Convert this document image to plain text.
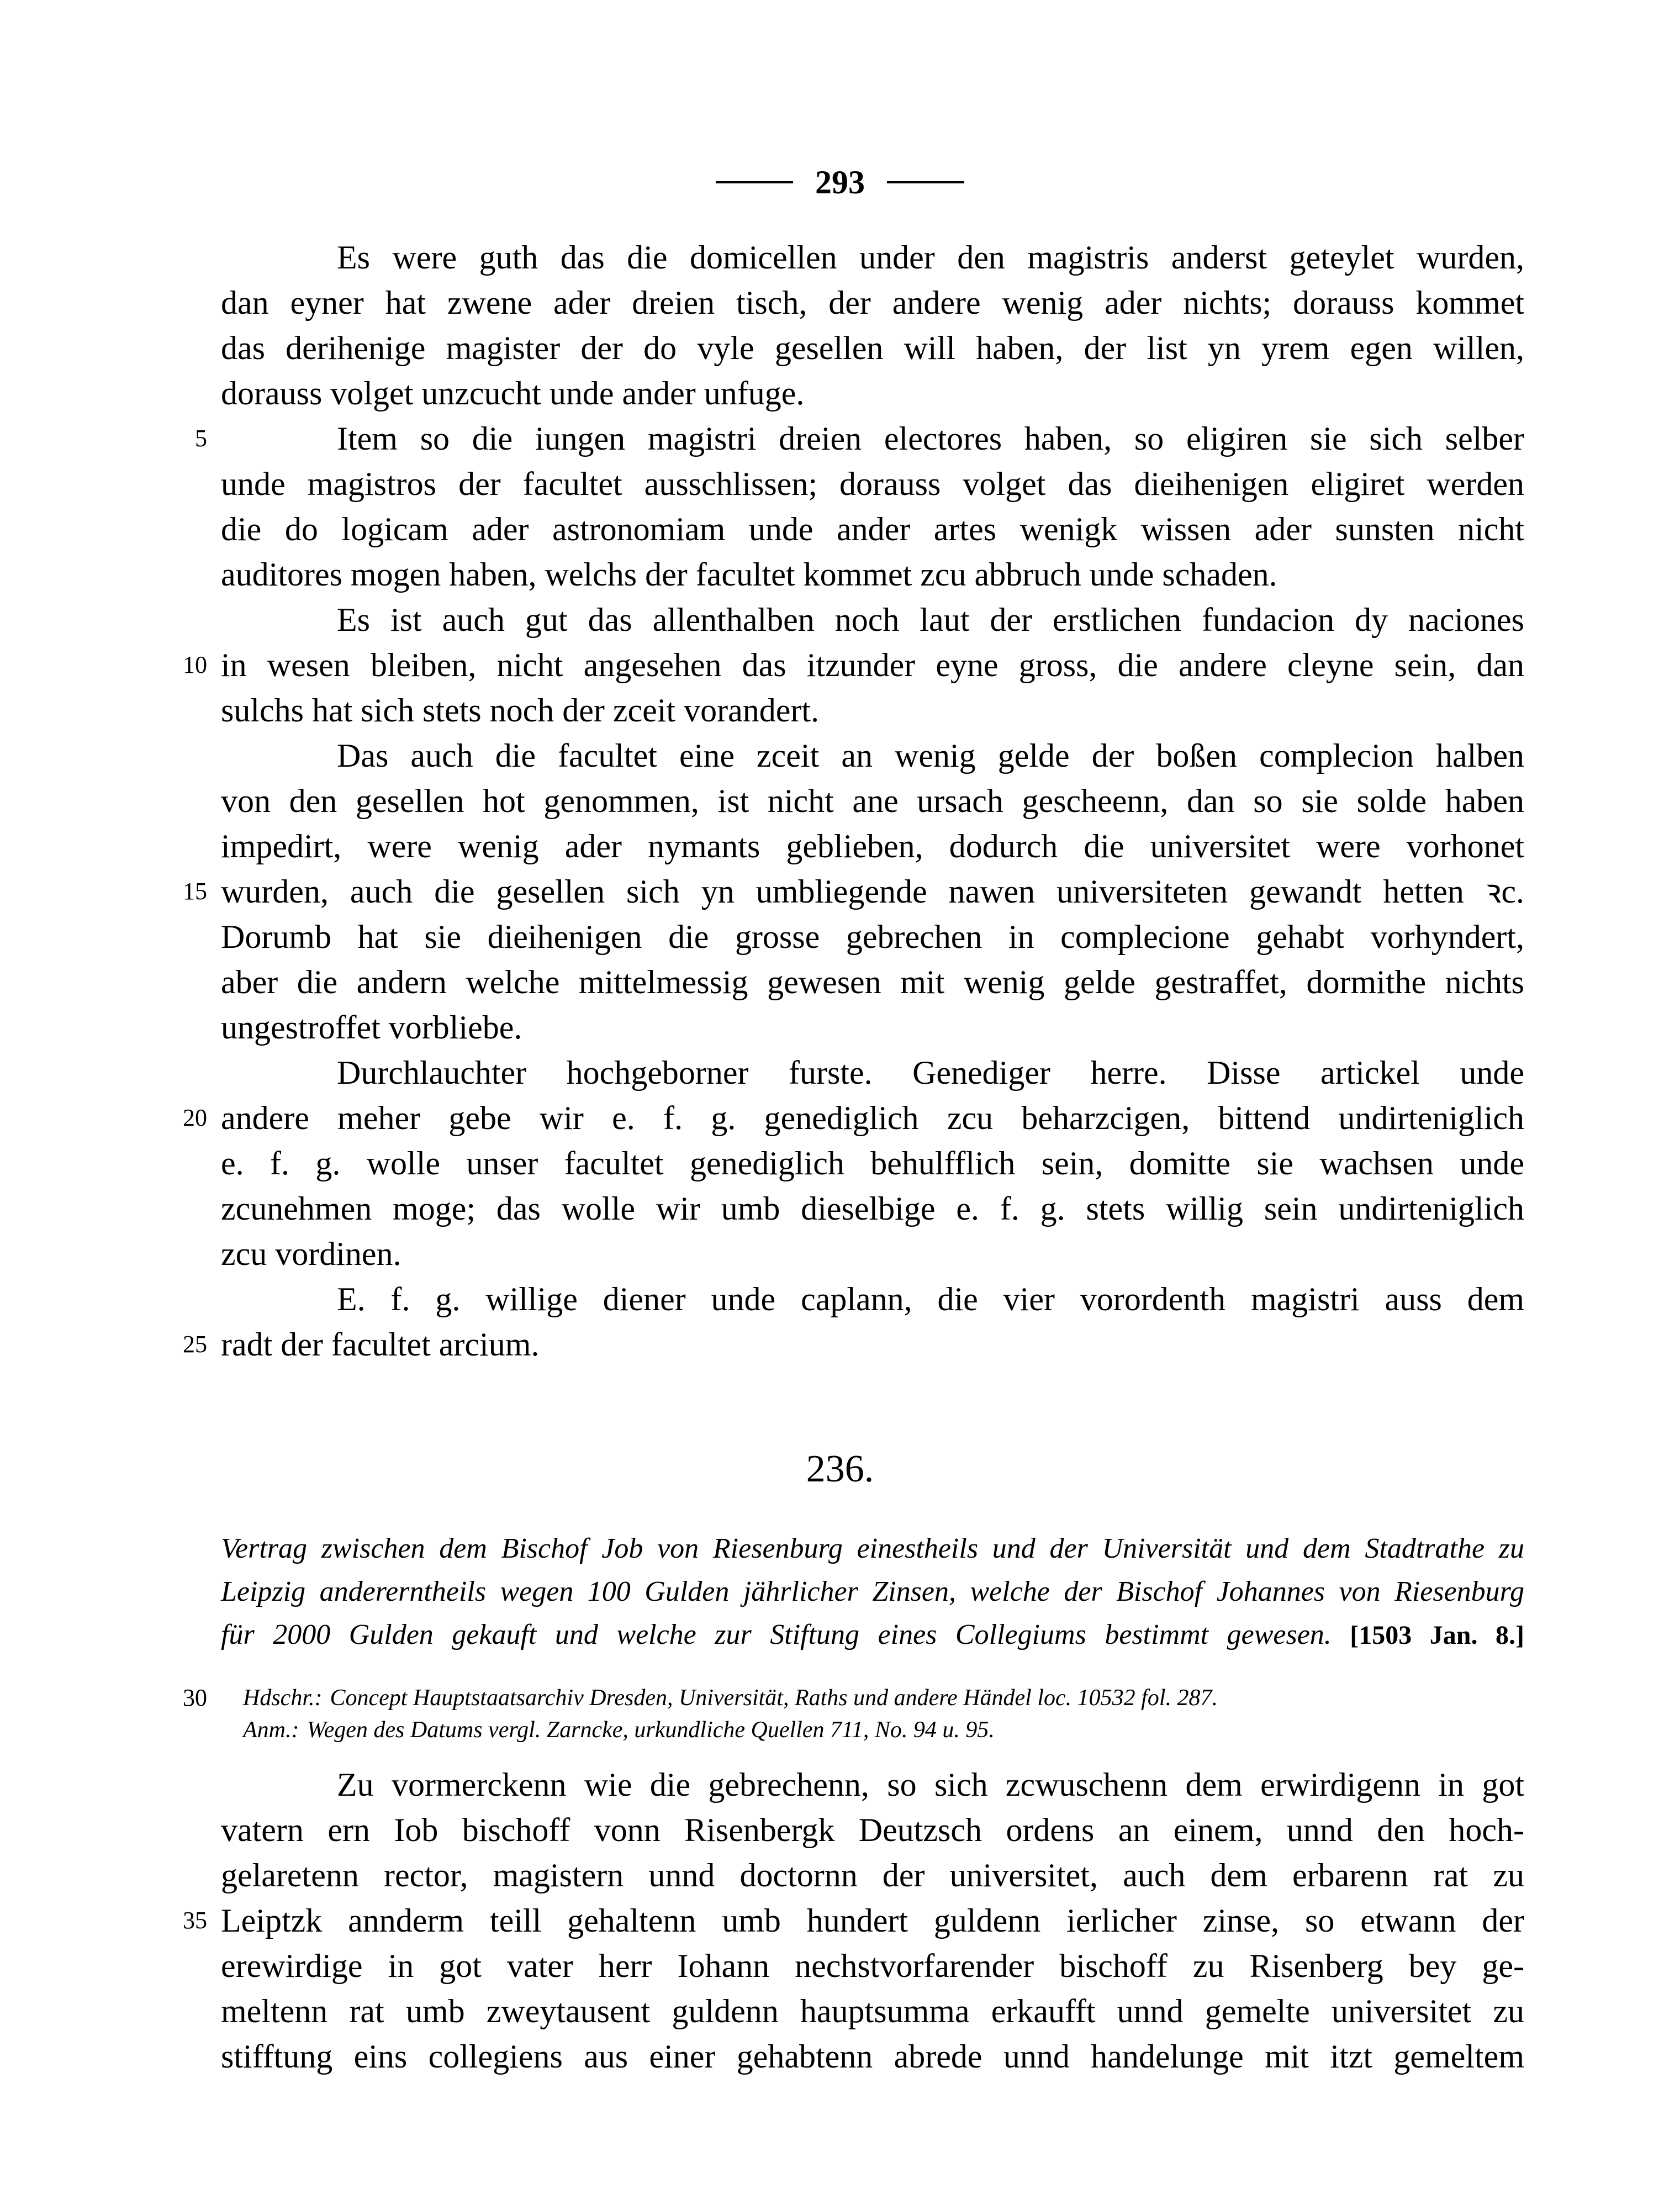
293
Es were guth das die domicellen under den magistris anderst geteylet wurden,
dan eyner hat zwene ader dreien tisch, der andere wenig ader nichts; dorauss kommet
das derihenige magister der do vyle gesellen will haben, der list yn yrem egen willen,
dorauss volget unzcucht unde ander unfuge.
5	Item so die iungen magistri dreien electores haben, so eligiren sie sich selber
unde magistros der facultet ausschlissen; dorauss volget das dieihenigen eligiret werden
die do logicam ader astronomiam unde ander artes wenigk wissen ader sunsten nicht
auditores mogen haben, welchs der facultet kommet zcu abbruch unde schaden.
Es ist auch gut das allenthalben noch laut der erstlichen fundacion dy naciones
10 in wesen bleiben, nicht angesehen das itzunder eyne gross, die andere cleyne sein, dan
sulchs hat sich stets noch der zceit vorandert.
Das auch die facultet eine zceit an wenig gelde der boßen complecion halben
von den gesellen hot genommen, ist nicht ane ursach gescheenn, dan so sie solde haben
impedirt, were wenig ader nymants geblieben, dodurch die universitet were vorhonet
15 wurden, auch die gesellen sich yn umbliegende nawen universiteten gewandt hetten ꝛc.
Dorumb hat sie dieihenigen die grosse gebrechen in complecione gehabt vorhyndert,
aber die andern welche mittelmessig gewesen mit wenig gelde gestraffet, dormithe nichts
ungestroffet vorbliebe.
Durchlauchter hochgeborner furste. Genediger herre. Disse artickel unde
20 andere meher gebe wir e. f. g. genediglich zcu beharzcigen, bittend undirteniglich
e. f. g. wolle unser facultet genediglich behulfflich sein, domitte sie wachsen unde
zcunehmen moge; das wolle wir umb dieselbige e. f. g. stets willig sein undirteniglich
zcu vordinen.
E. f. g. willige diener unde caplann, die vier vorordenth magistri auss dem
25 radt der facultet arcium.
236.
Vertrag zwischen dem Bischof Job von Riesenburg einestheils und der Universität und dem Stadtrathe zu
Leipzig andererntheils wegen 100 Gulden jährlicher Zinsen, welche der Bischof Johannes von Riesenburg
für 2000 Gulden gekauft und welche zur Stiftung eines Collegiums bestimmt gewesen. [1503 Jan. 8.]
30 Hdschr.: Concept Hauptstaatsarchiv Dresden, Universität, Raths und andere Händel loc. 10532 fol. 287.
Anm.: Wegen des Datums vergl. Zarncke, urkundliche Quellen 711, No. 94 u. 95.
Zu vormerckenn wie die gebrechenn, so sich zcwuschenn dem erwirdigenn in got
vatern ern Iob bischoff vonn Risenbergk Deutzsch ordens an einem, unnd den hoch-
gelaretenn rector, magistern unnd doctornn der universitet, auch dem erbarenn rat zu
35 Leiptzk annderm teill gehaltenn umb hundert guldenn ierlicher zinse, so etwann der
erewirdige in got vater herr Iohann nechstvorfarender bischoff zu Risenberg bey ge-
meltenn rat umb zweytausent guldenn hauptsumma erkaufft unnd gemelte universitet zu
stifftung eins collegiens aus einer gehabtenn abrede unnd handelunge mit itzt gemeltem
